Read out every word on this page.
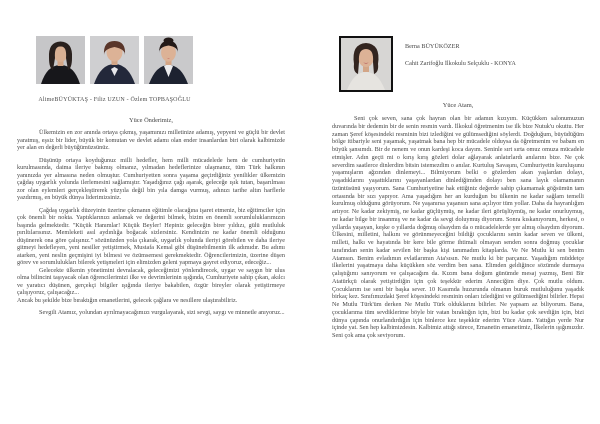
AlimeBÜYÜKTAŞ - Filiz UZUN - Özlem TOPBAŞOĞLU
Yüce Önderimiz,

Ülkemizin en zor anında ortaya çıkmış, yaşamınızı milletinize adamış, yepyeni ve güçlü bir devlet yaratmış, eşsiz bir lider, büyük bir komutan ve devlet adamı olan ender insanlardan biri olarak kalbimizde yer alan en değerli büyüğümüzsünüz.

Düşünüp ortaya koyduğunuz milli hedefler, hem milli mücadelede hem de cumhuriyetin kurulmasında, daima ileriye bakmış olmanız, yılmadan hedeflerinize ulaşmanız, tüm Türk halkının yanınızda yer almasına neden olmuştur. Cumhuriyetten sonra yaşama geçirdiğiniz yenilikler ülkemizin çağdaş uygarlık yolunda ilerlemesini sağlamıştır. Yaşadığınız çağı aşarak, geleceğe ışık tutan, başarılması zor olan eylemleri gerçekleştirerek yüzyıla değil bin yıla damga vurmuş, adınızı tarihe altın harflerle yazdırmış, en büyük dünya liderimizsiniz.

Çağdaş uygarlık düzeyinin üzerine çıkmanın eğitimle olacağına işaret etmeniz, biz eğitimciler için çok önemli bir nokta. Yaptıklarınızı anlamak ve değerini bilmek, bizim en önemli sorumluluklarımızın başında gelmektedir. "Küçük Hanımlar! Küçük Beyler! Hepiniz geleceğin birer yıldızı, gülü mutluluk pırıltılarısınız. Memleketi asıl aydınlığa boğacak sizlersiniz. Kendinizin ne kadar önemli olduğunu düşünerek ona göre çalışınız." sözünüzden yola çıkarak, uygarlık yolunda ileriyi görebilen ve daha ileriye gitmeyi hedefleyen, yeni nesiller yetiştirmek, Mustafa Kemal gibi düşünebilmenin ilk adımıdır. Bu adımı atarken, yeni neslin geçmişini iyi bilmesi ve özümsemesi gerekmektedir. Öğrencilerimizin, üzerine düşen görev ve sorumlulukları bilerek yetişmeleri için elimizden geleni yapmaya gayret ediyoruz, edeceğiz...

Gelecekte ülkenin yönetimini devralacak, geleceğimizi yönlendirecek, uygar ve saygın bir ulus olma bilincini taşıyacak olan öğrencilerimizi ilke ve devrimlerinin ışığında, Cumhuriyete sahip çıkan, akılcı ve yaratıcı düşünen, gerçekçi bilgiler ışığında ileriye bakabilen, özgür bireyler olarak yetiştirmeye çalışıyoruz, çalışacağız...

Ancak bu şekilde bize bıraktığın emanetlerini, gelecek çağlara ve nesillere ulaştırabiliriz.

Sevgili Atamız, yolundan ayrılmayacağımızı vurgulayarak, sizi sevgi, saygı ve minnetle anıyoruz...

Berna BÜYÜKÖZER
Cahit Zarifoğlu İlkokulu Selçuklu - KONYA
Yüce Atam,

Seni çok seven, sana çok hayran olan bir adamın kızıyım. Küçükken salonumuzun duvarında bir dedemin bir de senin resmin vardı. İlkokul öğretmenim ise ilk bize Nutuk'u okuttu. Her zaman Şeref köşesindeki resminin bizi izlediğini ve gülümsediğini söylerdi. Doğduğum, büyüdüğüm bölge itibariyle seni yaşamak, yaşatmak bana hep bir mücadele olduysa da öğretmenim ve babam en büyük şansımdı. Bir de nenem ve onun kardeşi koca dayım. Seninle sırt sırta omuz omuza mücadele etmişler. Adın geçti mi o kırış kırış gözleri dolar ağlayarak anlatırlardı anılarını bize. Ne çok severdim saatlerce dinlerdim bitsin istemezdim o anılar. Kurtuluş Savaşını, Cumhuriyetin kuruluşunu yaşamışların ağzından dinlemeyi... Bilmiyorum belki o gözlerden akan yaşlardan dolayı, yaşadıklarını yaşattıklarını yaşayanlardan dinlediğimden dolayı ben sana layık olamamanın üzüntüsünü yaşıyorum. Sana Cumhuriyetine hak ettiğiniz değerde sahip çıkamamak göğsümün tam ortasında bir sızı yapıyor. Ama yaşadığım her an kurduğun bu ülkenin ne kadar sağlam temelli kurulmuş olduğunu görüyorum. Ne yaşanırsa yaşansın sana açılıyor tüm yollar. Daha da hayranlığım artıyor. Ne kadar zekiymiş, ne kadar güçlüymüş, ne kadar ileri görüşlüymüş, ne kadar onurluymuş, ne kadar bilge bir insanmış ve ne kadar da sevgi doluymuş diyorum. Sonra kıskanıyorum, herkesi, o yıllarda yaşayan, keşke o yıllarda doğmuş olsaydım da o mücadelelerde yer almış olsaydım diyorum. Ülkesini, milletini, halkını ve görünmeyeceğini bildiği çocuklarını senin kadar seven ve ülkeni, milleti, halkı ve hayatında bir kere bile görme ihtimali olmayan senden sonra doğmuş çocuklar tarafından senin kadar sevilen bir başka kişi tanımadım kitaplarda. Ve Ne Mutlu ki sen benim Atamsın. Benim evladımın evlatlarımın Ata'sısın. Ne mutlu ki bir parçanız. Yaşadığım müddetçe ilkelerini yaşatmaya daha küçükken söz verdim ben sana. Elimden geldiğince sözümde durmaya çalıştığımı sanıyorum ve çalışacağım da. Kızım bana doğum günümde mesaj yazmış, Beni Bir Atatürkçü olarak yetiştirdiğin için çok teşekkür ederim Anneciğim diye. Çok mutlu oldum. Çocuklarım ise seni bir başka sever. 10 Kasımda huzurunda olmanın buruk mutluluğunu yaşadık birkaç kez. Sınıfımızdaki Şeref köşesindeki resminin onları izlediğini ve gülümsediğini bilirler. Hepsi Ne Mutlu Türk'üm derken Ne Mutlu Türk olduklarını bilirler. Ne yapsam az biliyorum. Bana, çocuklarıma tüm sevdiklerime böyle bir vatan bıraktığın için, bizi bu kadar çok sevdiğin için, bizi dünya çapında onurlandırdığın için binlerce kez teşekkür ederim Yüce Atam. Yattığın yerde Nur içinde yat. Sen hep kalbimizdesin. Kalbimiz attığı sürece, Emanetin emanetimiz, İlkelerin ışığımızdır. Seni çok ama çok seviyorum.
